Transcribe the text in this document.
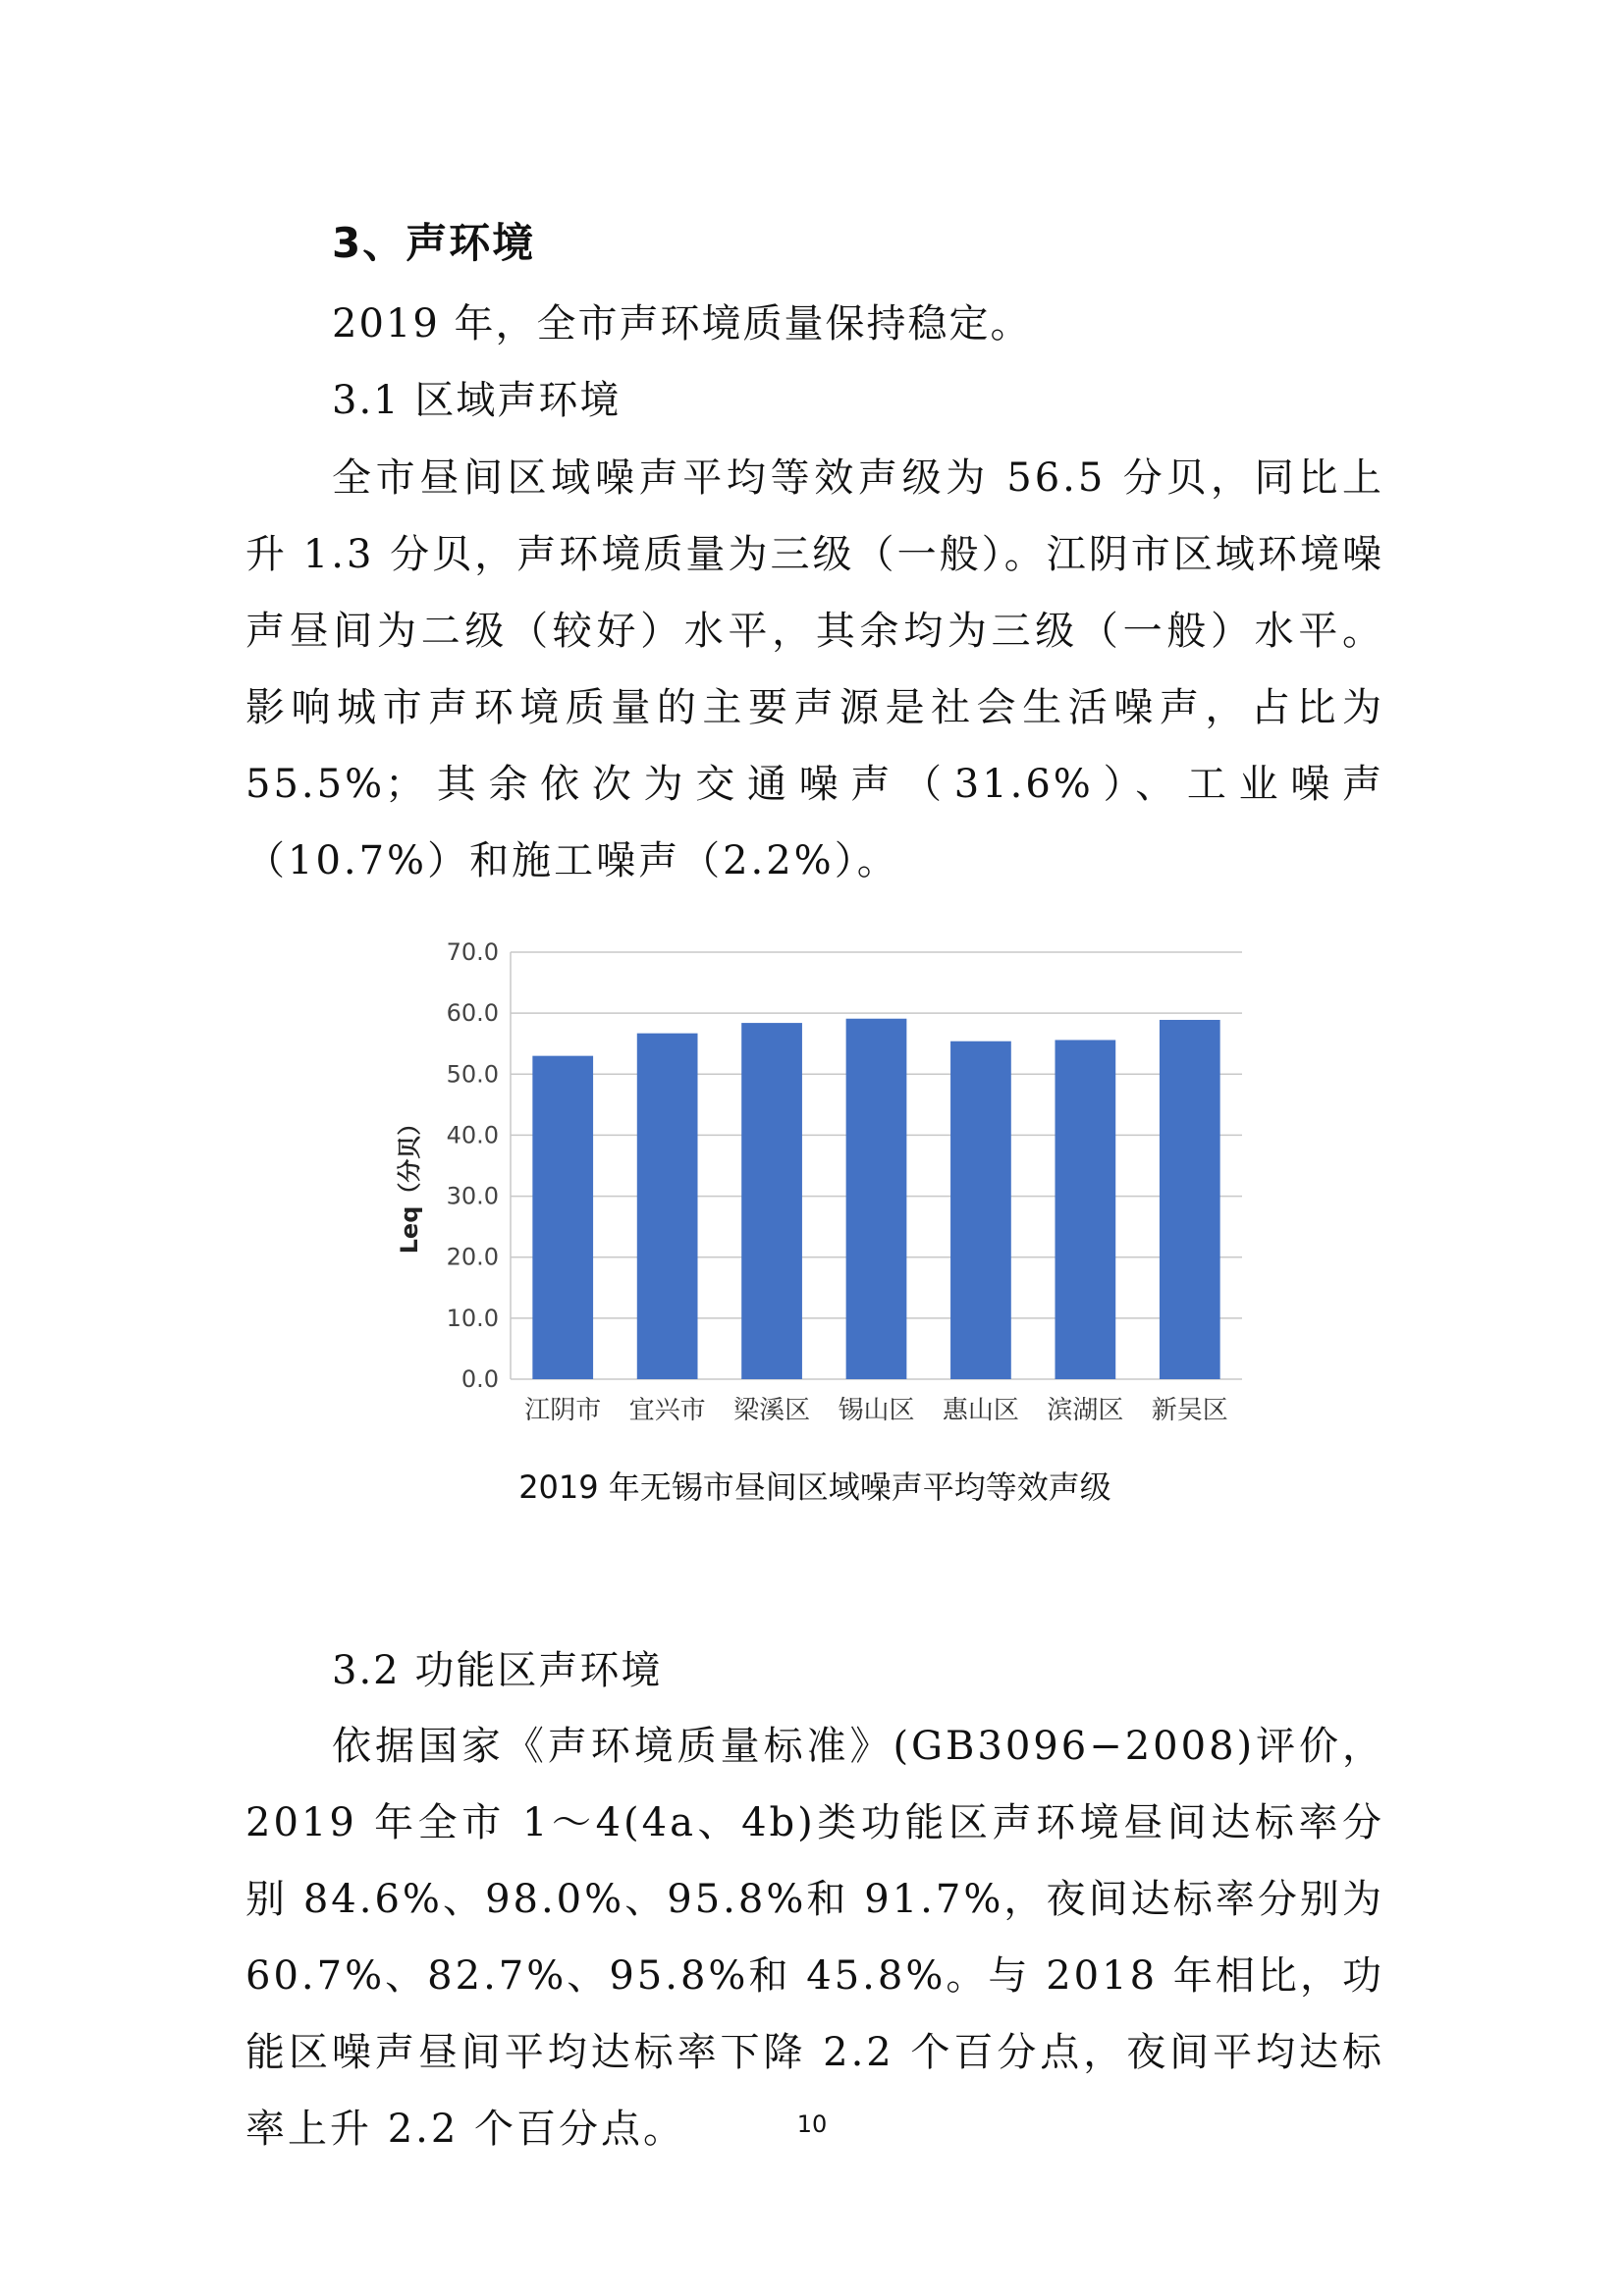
3、声环境
2019 年，全市声环境质量保持稳定。
3.1 区域声环境

全市昼间区域噪声平均等效声级为 56.5 分贝，同比上升 1.3 分贝，声环境质量为三级（一般）。江阴市区域环境噪声昼间为二级（较好）水平，其余均为三级（一般）水平。影响城市声环境质量的主要声源是社会生活噪声，占比为 55.5%；其余依次为交通噪声（31.6%）、工业噪声（10.7%）和施工噪声（2.2%）。

0.0
10.0
20.0
30.0
40.0
50.0
60.0
70.0
江阴市 宜兴市 梁溪区 锡山区 惠山区 滨湖区 新吴区
Leq（分贝）
2019 年无锡市昼间区域噪声平均等效声级
3.2 功能区声环境

依据国家《声环境质量标准》(GB3096−2008)评价，2019 年全市 1～4(4a、4b)类功能区声环境昼间达标率分别 84.6%、98.0%、95.8%和 91.7%，夜间达标率分别为 60.7%、82.7%、95.8%和 45.8%。与 2018 年相比，功能区噪声昼间平均达标率下降 2.2 个百分点，夜间平均达标率上升 2.2 个百分点。	10
